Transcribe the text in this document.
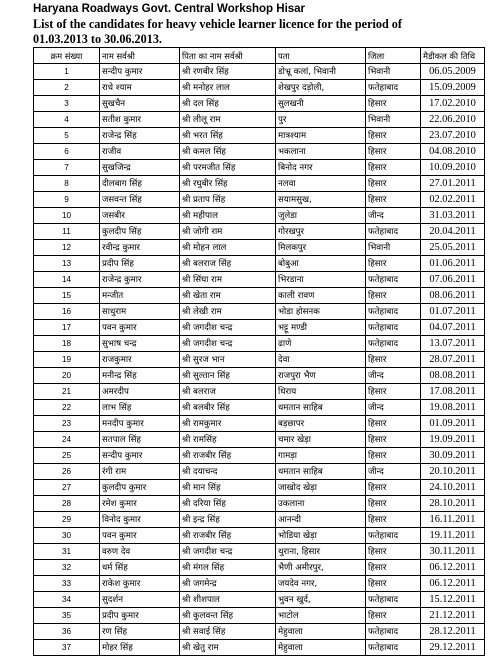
Haryana Roadways Govt. Central Workshop Hisar
List of the candidates for heavy vehicle learner licence for the period of
01.03.2013 to 30.06.2013.
क्रम संख्या	नाम सर्वश्री	पिता का नाम सर्वश्री	पता	जिला	मैडीकल की तिथि
1	सन्दीप कुमार	श्री रणबीर सिंह	डोभ्रू कलां, भिवानी	भिवानी	06.05.2009
2	राधे श्याम	श्री मनोहर लाल	शेखपुर दड़ोली,	फतेहाबाद	15.09.2009
3	सुखचैन	श्री दल सिंह	सुलखनी	हिसार	17.02.2010
4	सतीश कुमार	श्री लीलू राम	पुर	भिवानी	22.06.2010
5	राजेन्द्र सिंह	श्री भरत सिंह	मात्रश्याम	हिसार	23.07.2010
6	राजीव	श्री कमल सिंह	भकलाना	हिसार	04.08.2010
7	सुखजिन्द्र	श्री परमजीत सिंह	बिनोद नगर	हिसार	10.09.2010
8	दीलबाग सिंह	श्री रघुबीर सिंह	नलवा	हिसार	27.01.2011
9	जसवन्त सिंह	श्री प्रताप सिंह	सयामसुख,	हिसार	02.02.2011
10	जसबीर	श्री महीपाल	जुलेडा	जीन्द	31.03.2011
11	कुलदीप सिंह	श्री जोगी राम	गोरखपुर	फतेहाबाद	20.04.2011
12	रवीन्द्र कुमार	श्री मोहन लाल	मिलकपुर	भिवानी	25.05.2011
13	प्रदीप सिंह	श्री बलराज सिंह	बोबुआ	हिसार	01.06.2011
14	राजेन्द्र कुमार	श्री सिंघा राम	भिरडाना	फतेहाबाद	07.06.2011
15	मन्जीत	श्री खेता राम	काली रावण	हिसार	08.06.2011
16	साधुराम	श्री लेखी राम	भोडा होसनक	फतेहाबाद	01.07.2011
17	पवन कुमार	श्री जगदीश चन्द्र	भट्टू मण्डी	फतेहाबाद	04.07.2011
18	सुभाष चन्द्र	श्री जगदीश चन्द्र	ढाणे	फतेहाबाद	13.07.2011
19	राजकुमार	श्री सुरज भान	देवा	हिसार	28.07.2011
20	मनीन्द्र सिंह	श्री सुल्तान सिंह	राजपुरा भैण	जीन्द	08.08.2011
21	अमरदीप	श्री बलराज	धिराय	हिसार	17.08.2011
22	लाभ सिंह	श्री बलबीर सिंह	धमतान साहिब	जीन्द	19.08.2011
23	मनदीप कुमार	श्री रामकुमार	बड़छापर	हिसार	01.09.2011
24	सतपाल सिंह	श्री रामसिंह	चमार खेड़ा	हिसार	19.09.2011
25	सन्दीप कुमार	श्री राजबीर सिंह	गामड़ा	हिसार	30.09.2011
26	रंगी राम	श्री दयाचन्द	धमतान साहिब	जीन्द	20.10.2011
27	कुलदीप कुमार	श्री मान सिंह	जाखोद खेड़ा	हिसार	24.10.2011
28	रमेश कुमार	श्री दरिया सिंह	उकलाना	हिसार	28.10.2011
29	विनोद कुमार	श्री इन्द्र सिंह	आनन्दी	हिसार	16.11.2011
30	पवन कुमार	श्री राजबीर सिंह	भोडिया खेड़ा	फतेहाबाद	19.11.2011
31	वरुण देव	श्री जगदीश चन्द्र	थुराना, हिसार	हिसार	30.11.2011
32	धर्म सिंह	श्री मंगल सिंह	भैणी अमीरपुर,	हिसार	06.12.2011
33	राकेश कुमार	श्री जगमेन्द्र	जयदेव नगर,	हिसार	06.12.2011
34	सुदर्शन	श्री शीशपाल	भुवन खुर्द,	फतेहाबाद	15.12.2011
35	प्रदीप कुमार	श्री कुलवन्त सिंह	भाटोल	हिसार	21.12.2011
36	रण सिंह	श्री सवाई सिंह	मेहुवाला	फतेहाबाद	28.12.2011
37	मोहर सिंह	श्री खेतु राम	मेहुवाला	फतेहाबाद	29.12.2011
